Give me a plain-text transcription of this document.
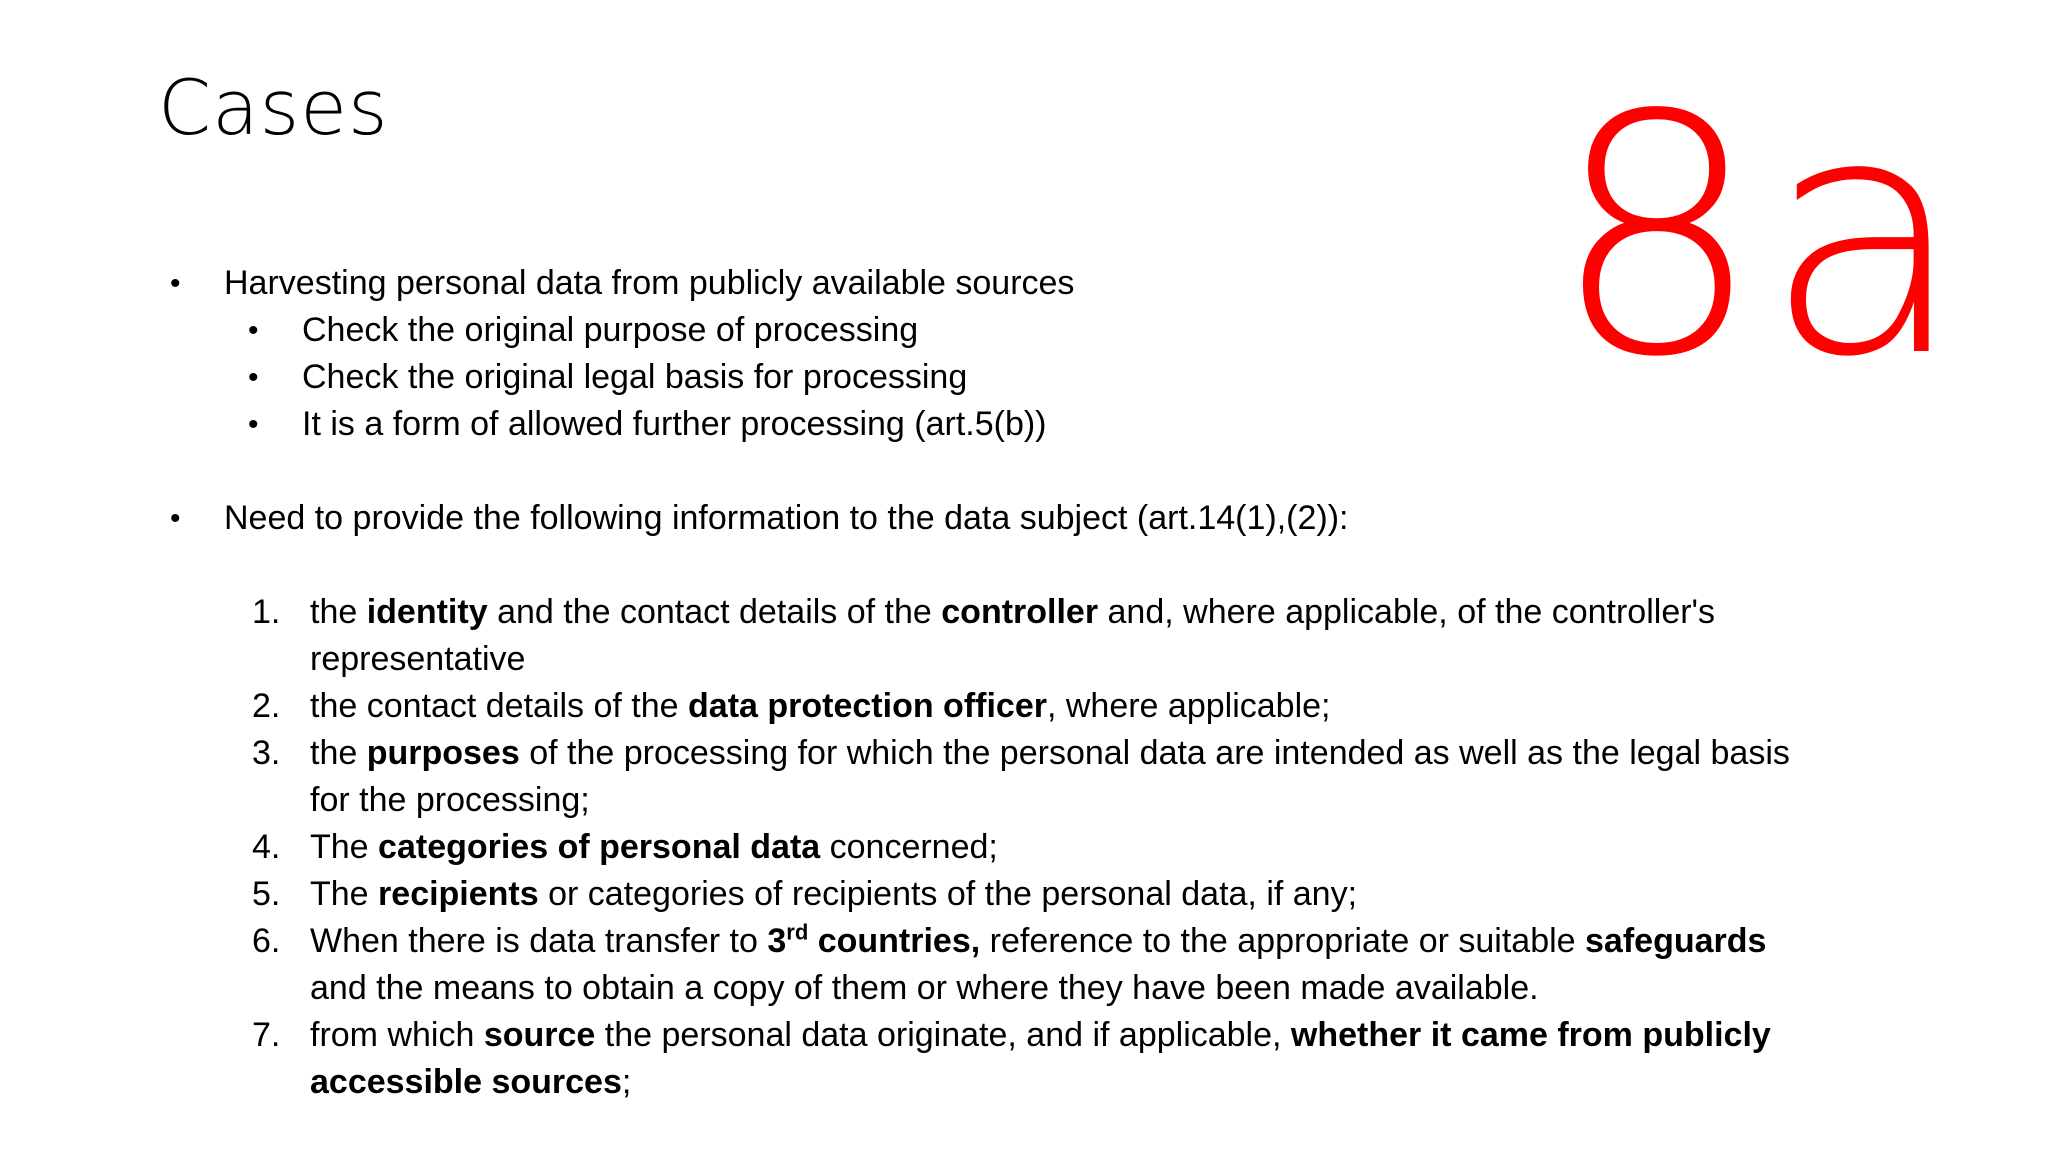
Cases	8a
•	Harvesting personal data from publicly available sources
•	Check the original purpose of processing
•	Check the original legal basis for processing
•	It is a form of allowed further processing (art.5(b))
•	Need to provide the following information to the data subject (art.14(1),(2)):
1. the identity and the contact details of the controller and, where applicable, of the controller's representative
2. the contact details of the data protection officer, where applicable;
3. the purposes of the processing for which the personal data are intended as well as the legal basis for the processing;
4. The categories of personal data concerned;
5. The recipients or categories of recipients of the personal data, if any;
6. When there is data transfer to 3rd countries, reference to the appropriate or suitable safeguards and the means to obtain a copy of them or where they have been made available.
7. from which source the personal data originate, and if applicable, whether it came from publicly accessible sources;
